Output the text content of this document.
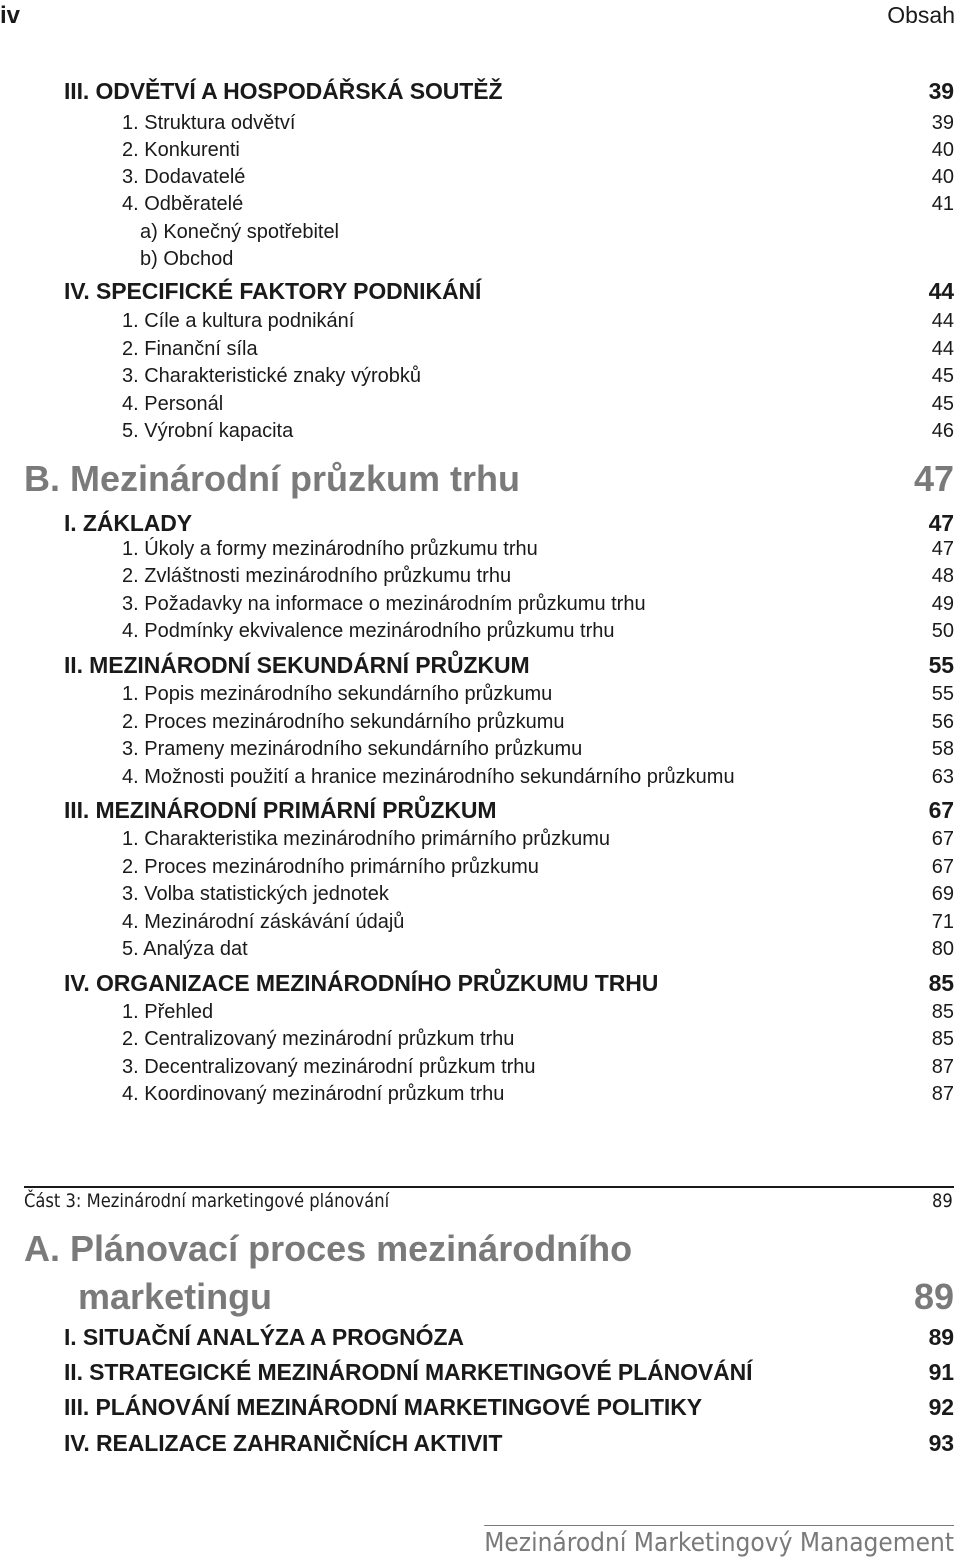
iv	Obsah
III. ODVĚTVÍ A HOSPODÁŘSKÁ SOUTĚŽ	39
1. Struktura odvětví	39
2. Konkurenti	40
3. Dodavatelé	40
4. Odběratelé	41
a) Konečný spotřebitel
b) Obchod
IV. SPECIFICKÉ FAKTORY PODNIKÁNÍ	44
1. Cíle a kultura podnikání	44
2. Finanční síla	44
3. Charakteristické znaky výrobků	45
4. Personál	45
5. Výrobní kapacita	46
B. Mezinárodní průzkum trhu	47
I. ZÁKLADY	47
1. Úkoly a formy mezinárodního průzkumu trhu	47
2. Zvláštnosti mezinárodního průzkumu trhu	48
3. Požadavky na informace o mezinárodním průzkumu trhu	49
4. Podmínky ekvivalence mezinárodního průzkumu trhu	50
II. MEZINÁRODNÍ SEKUNDÁRNÍ PRŮZKUM	55
1. Popis mezinárodního sekundárního průzkumu	55
2. Proces mezinárodního sekundárního průzkumu	56
3. Prameny mezinárodního sekundárního průzkumu	58
4. Možnosti použití a hranice mezinárodního sekundárního průzkumu	63
III. MEZINÁRODNÍ PRIMÁRNÍ PRŮZKUM	67
1. Charakteristika mezinárodního primárního průzkumu	67
2. Proces mezinárodního primárního průzkumu	67
3. Volba statistických jednotek	69
4. Mezinárodní záskávání údajů	71
5. Analýza dat	80
IV. ORGANIZACE MEZINÁRODNÍHO PRŮZKUMU TRHU	85
1. Přehled	85
2. Centralizovaný mezinárodní průzkum trhu	85
3. Decentralizovaný mezinárodní průzkum trhu	87
4. Koordinovaný mezinárodní průzkum trhu	87
Část 3: Mezinárodní marketingové plánování	89
A. Plánovací proces mezinárodního
marketingu	89
I. SITUAČNÍ ANALÝZA A PROGNÓZA	89
II. STRATEGICKÉ MEZINÁRODNÍ MARKETINGOVÉ PLÁNOVÁNÍ	91
III. PLÁNOVÁNÍ MEZINÁRODNÍ MARKETINGOVÉ POLITIKY	92
IV. REALIZACE ZAHRANIČNÍCH AKTIVIT	93
Mezinárodní Marketingový Management
